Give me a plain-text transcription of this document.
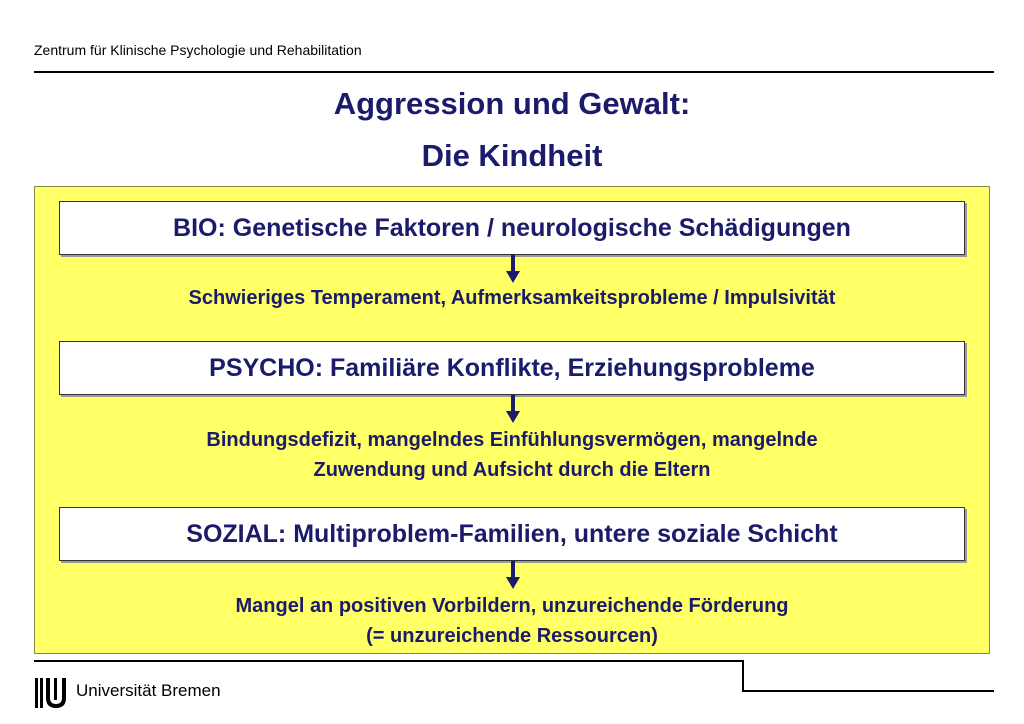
Zentrum für Klinische Psychologie und Rehabilitation
Aggression und Gewalt:
Die Kindheit
BIO: Genetische Faktoren / neurologische Schädigungen
Schwieriges Temperament, Aufmerksamkeitsprobleme / Impulsivität
PSYCHO: Familiäre Konflikte, Erziehungsprobleme
Bindungsdefizit, mangelndes Einfühlungsvermögen, mangelnde
Zuwendung und Aufsicht durch die Eltern
SOZIAL: Multiproblem-Familien, untere soziale Schicht
Mangel an positiven Vorbildern, unzureichende Förderung
(= unzureichende Ressourcen)
Universität Bremen
